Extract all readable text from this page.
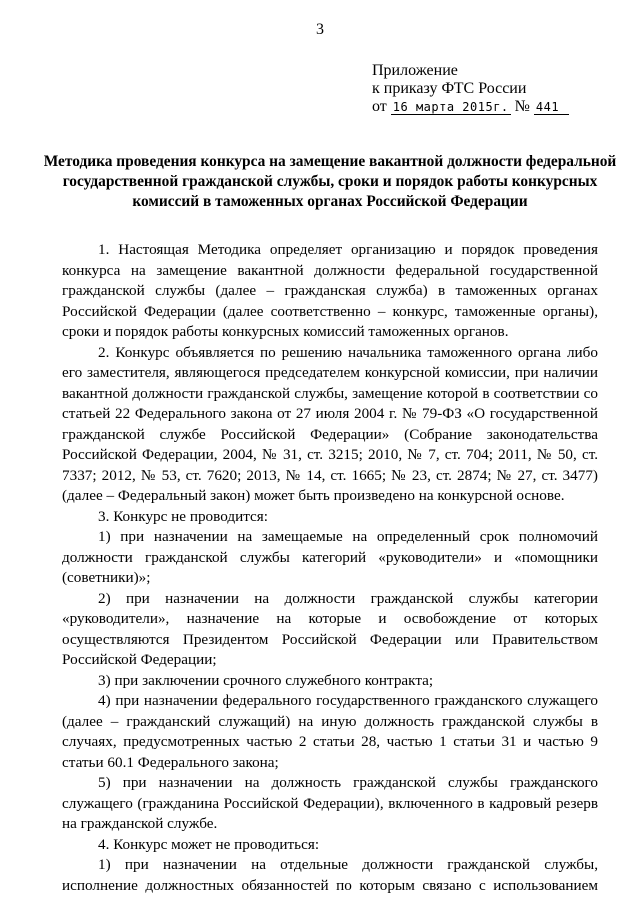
3
Приложение
к приказу ФТС России
от 16 марта 2015г. № 441
Методика проведения конкурса на замещение вакантной должности федеральной государственной гражданской службы, сроки и порядок работы конкурсных комиссий в таможенных органах Российской Федерации

1. Настоящая Методика определяет организацию и порядок проведения конкурса на замещение вакантной должности федеральной государственной гражданской службы (далее – гражданская служба) в таможенных органах Российской Федерации (далее соответственно – конкурс, таможенные органы), сроки и порядок работы конкурсных комиссий таможенных органов.

2. Конкурс объявляется по решению начальника таможенного органа либо его заместителя, являющегося председателем конкурсной комиссии, при наличии вакантной должности гражданской службы, замещение которой в соответствии со статьей 22 Федерального закона от 27 июля 2004 г. № 79-ФЗ «О государственной гражданской службе Российской Федерации» (Собрание законодательства Российской Федерации, 2004, № 31, ст. 3215; 2010, № 7, ст. 704; 2011, № 50, ст. 7337; 2012, № 53, ст. 7620; 2013, № 14, ст. 1665; № 23, ст. 2874; № 27, ст. 3477) (далее – Федеральный закон) может быть произведено на конкурсной основе.

3. Конкурс не проводится:

1) при назначении на замещаемые на определенный срок полномочий должности гражданской службы категорий «руководители» и «помощники (советники)»;

2) при назначении на должности гражданской службы категории «руководители», назначение на которые и освобождение от которых осуществляются Президентом Российской Федерации или Правительством Российской Федерации;

3) при заключении срочного служебного контракта;

4) при назначении федерального государственного гражданского служащего (далее – гражданский служащий) на иную должность гражданской службы в случаях, предусмотренных частью 2 статьи 28, частью 1 статьи 31 и частью 9 статьи 60.1 Федерального закона;

5) при назначении на должность гражданской службы гражданского служащего (гражданина Российской Федерации), включенного в кадровый резерв на гражданской службе.

4. Конкурс может не проводиться:

1) при назначении на отдельные должности гражданской службы, исполнение должностных обязанностей по которым связано с использованием
